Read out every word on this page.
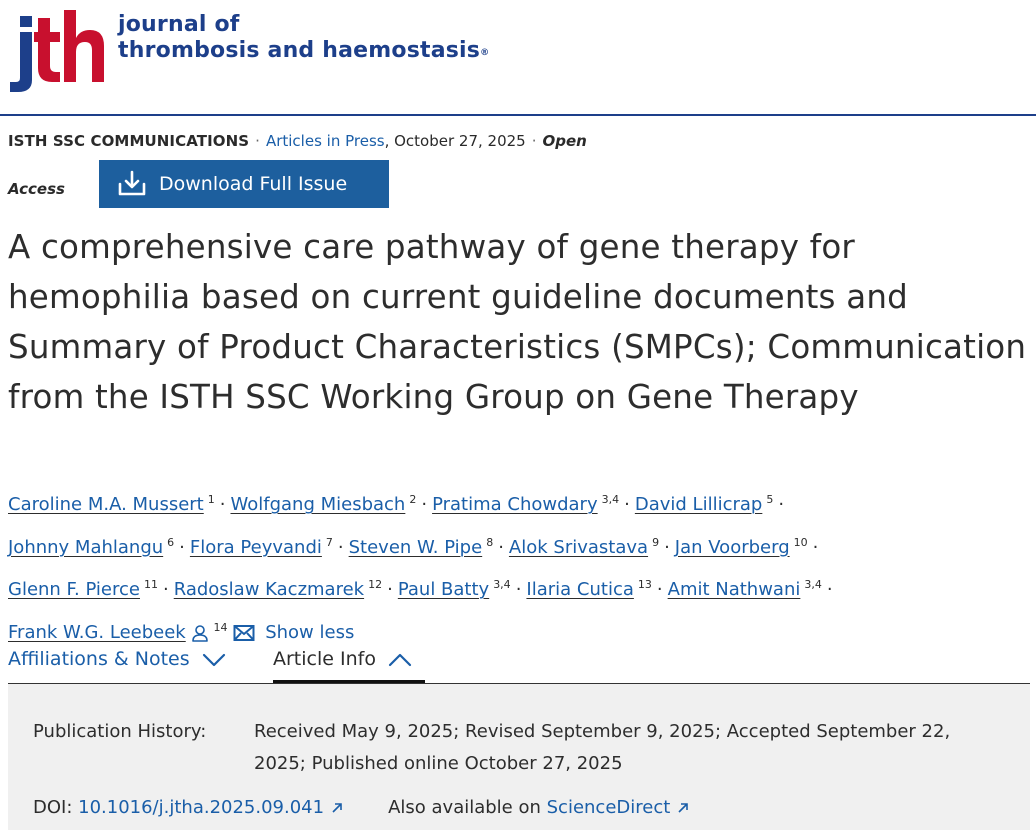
journal of
thrombosis and haemostasis®
ISTH SSC COMMUNICATIONS · Articles in Press, October 27, 2025 · Open
Access	Download Full Issue
A comprehensive care pathway of gene therapy for hemophilia based on current guideline documents and Summary of Product Characteristics (SMPCs); Communication from the ISTH SSC Working Group on Gene Therapy
Caroline M.A. Mussert $^1$ · Wolfgang Miesbach $^2$ · Pratima Chowdary $^{3,4}$ · David Lillicrap $^5$ ·
Johnny Mahlangu $^6$ · Flora Peyvandi $^7$ · Steven W. Pipe $^8$ · Alok Srivastava $^9$ · Jan Voorberg $^{10}$ ·
Glenn F. Pierce $^{11}$ · Radoslaw Kaczmarek $^{12}$ · Paul Batty $^{3,4}$ · Ilaria Cutica $^{13}$ · Amit Nathwani $^{3,4}$ ·
Frank W.G. Leebeek	$^{14}$ Show less
Affiliations & Notes	Article Info
Publication History:	Received May 9, 2025; Revised September 9, 2025; Accepted September 22, 2025; Published online October 27, 2025
DOI: 10.1016/j.jtha.2025.09.041	Also available on ScienceDirect
